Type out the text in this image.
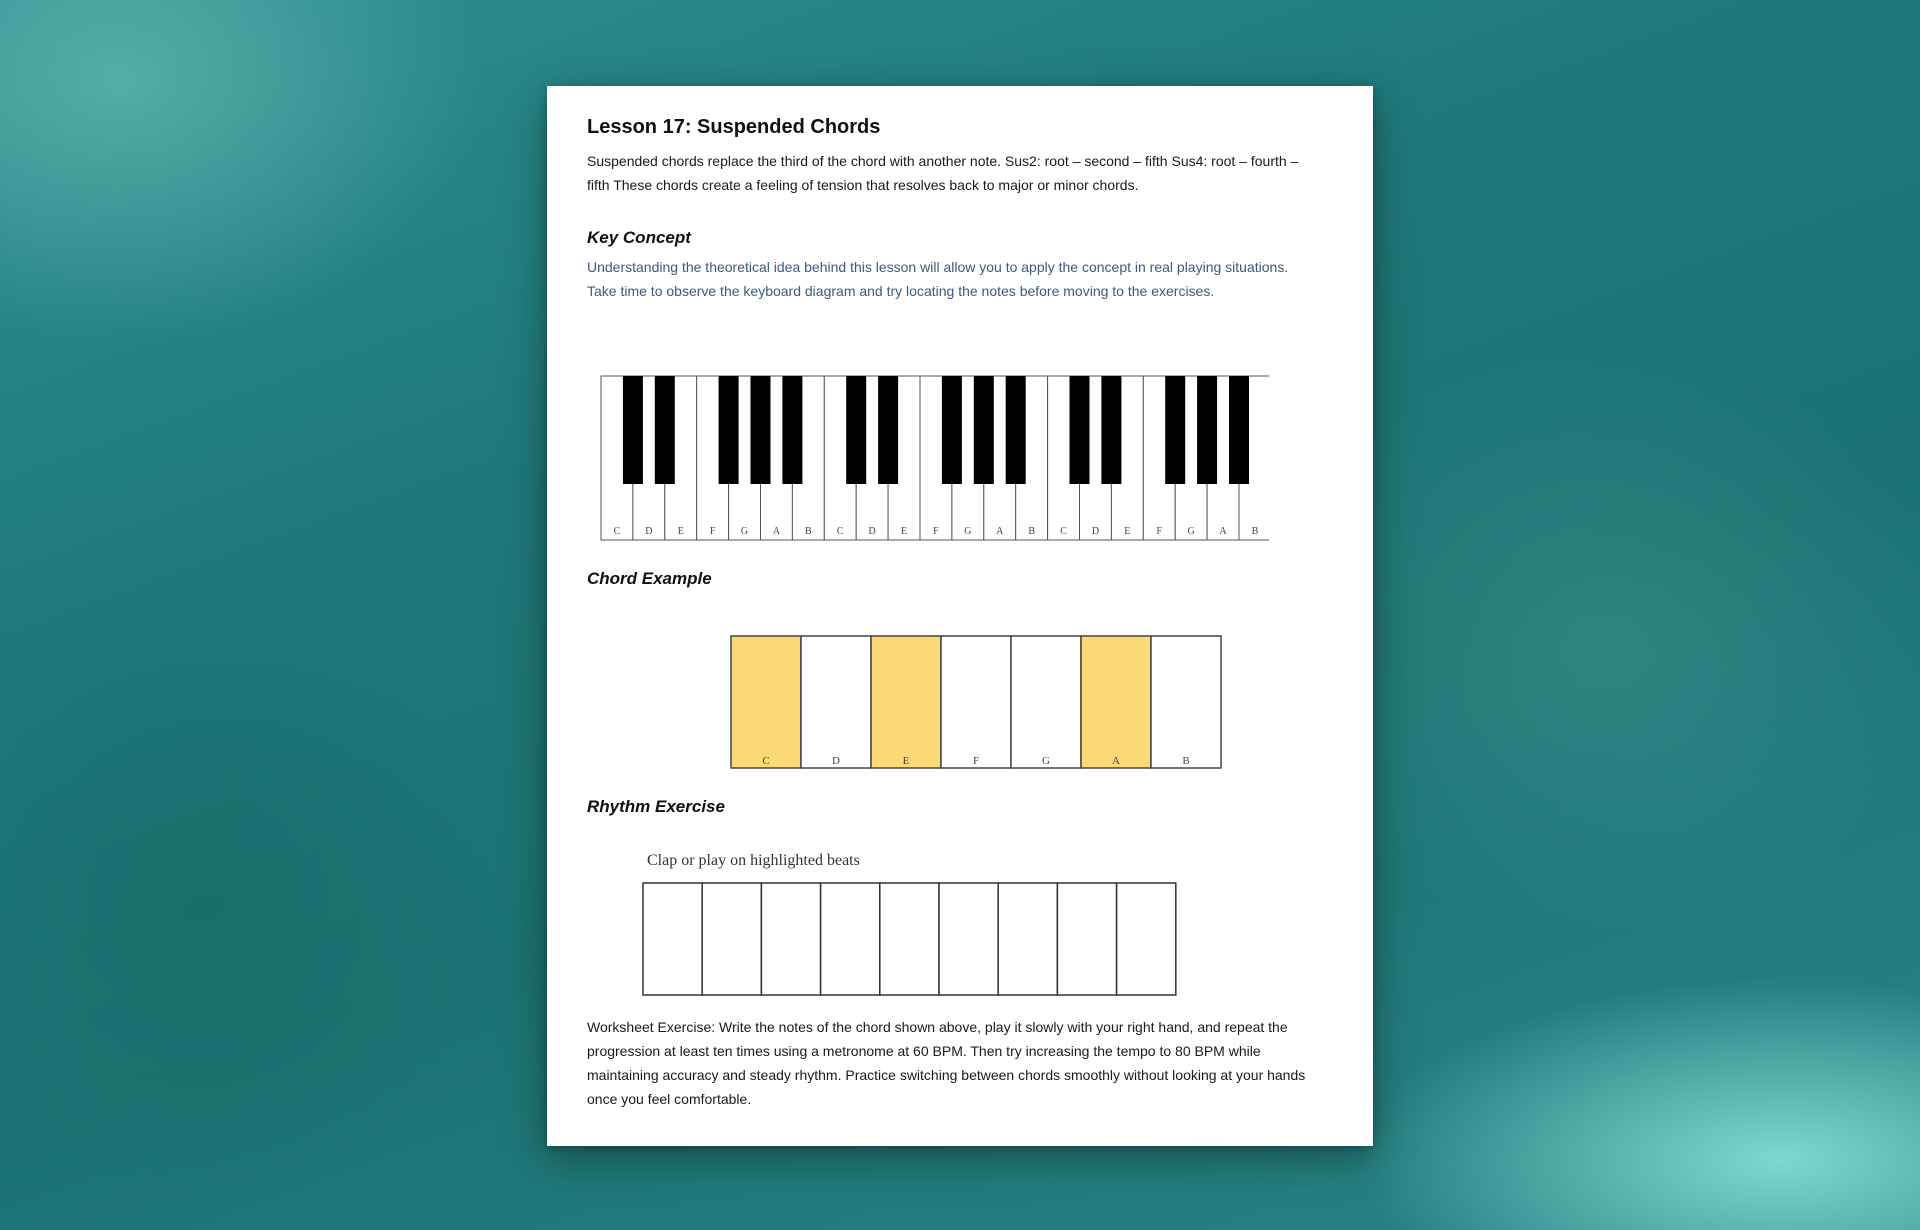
Lesson 17: Suspended Chords

Suspended chords replace the third of the chord with another note. Sus2: root – second – fifth Sus4: root – fourth – fifth These chords create a feeling of tension that resolves back to major or minor chords.

Key Concept

Understanding the theoretical idea behind this lesson will allow you to apply the concept in real playing situations. Take time to observe the keyboard diagram and try locating the notes before moving to the exercises.

C D	E	F	G A B	C D	E	F	G A B	C D	E	F	G A B
Chord Example
C	D	E	F	G	A	B
Rhythm Exercise

Clap or play on highlighted beats

Worksheet Exercise: Write the notes of the chord shown above, play it slowly with your right hand, and repeat the progression at least ten times using a metronome at 60 BPM. Then try increasing the tempo to 80 BPM while maintaining accuracy and steady rhythm. Practice switching between chords smoothly without looking at your hands once you feel comfortable.
